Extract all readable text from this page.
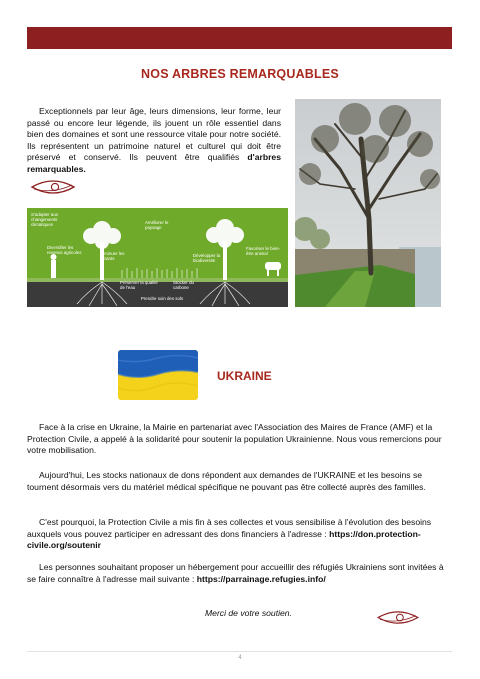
NOS ARBRES REMARQUABLES
Exceptionnels par leur âge, leurs dimensions, leur forme, leur passé ou encore leur légende, ils jouent un rôle essentiel dans bien des domaines et sont une ressource vitale pour notre société. Ils représentent un patrimoine naturel et culturel qui doit être préservé et conservé. Ils peuvent être qualifiés d'arbres remarquables.
S'adapter aux changements climatiques	Améliorer le paysage
Diversifier les revenus agricoles	Diminuer les intrants
Favoriser le bien-être animal
Développer la biodiversité
Préserver la qualité de l'eau
Stocker du carbone
Prendre soin des sols
UKRAINE
Face à la crise en Ukraine, la Mairie en partenariat avec l'Association des Maires de France (AMF) et la Protection Civile, a appelé à la solidarité pour soutenir la population Ukrainienne. Nous vous remercions pour votre mobilisation.
Aujourd'hui, Les stocks nationaux de dons répondent aux demandes de l'UKRAINE et les besoins se tournent désormais vers du matériel médical spécifique ne pouvant pas être collecté auprès des familles.
C'est pourquoi, la Protection Civile a mis fin à ses collectes et vous sensibilise à l'évolution des besoins auxquels vous pouvez participer en adressant des dons financiers à l'adresse : https://don.protection-civile.org/soutenir
Les personnes souhaitant proposer un hébergement pour accueillir des réfugiés Ukrainiens sont invitées à se faire connaître à l'adresse mail suivante : https://parrainage.refugies.info/
Merci de votre soutien.
4
